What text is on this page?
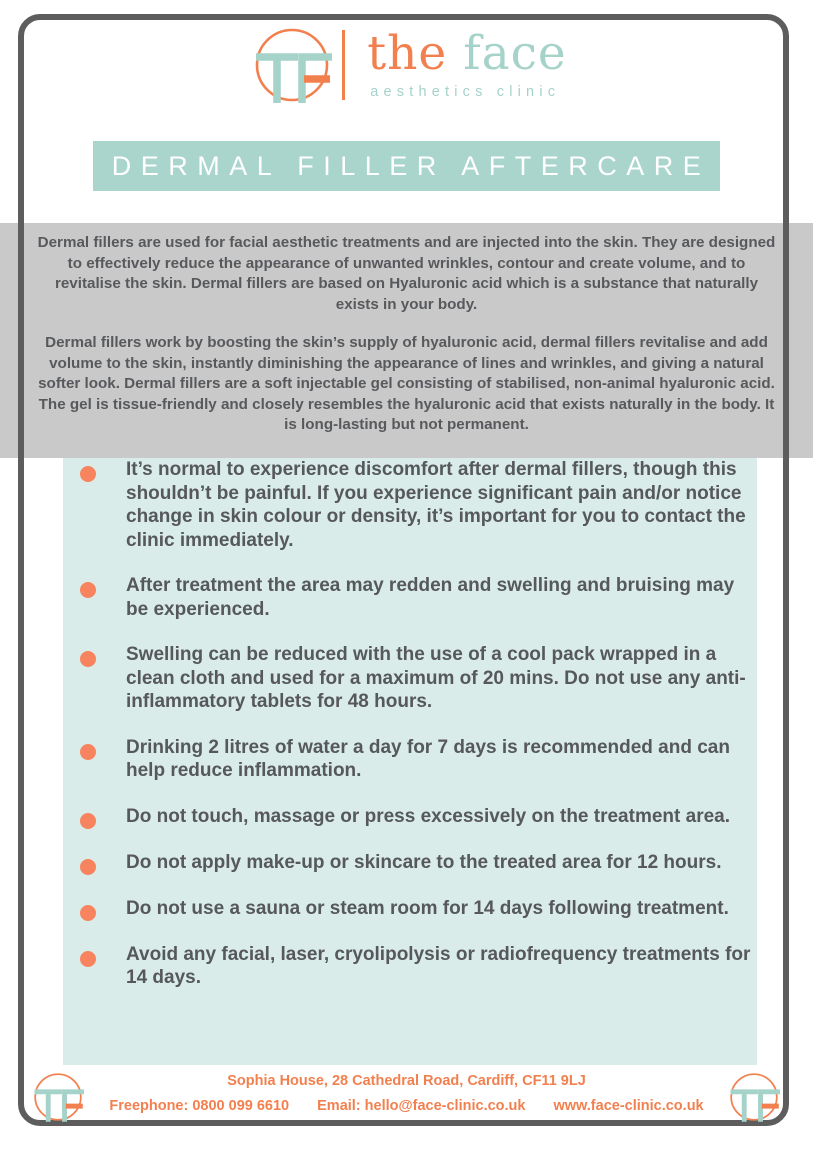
the face
aesthetics clinic
DERMAL FILLER AFTERCARE

Dermal fillers are used for facial aesthetic treatments and are injected into the skin. They are designed to effectively reduce the appearance of unwanted wrinkles, contour and create volume, and to revitalise the skin. Dermal fillers are based on Hyaluronic acid which is a substance that naturally exists in your body.

Dermal fillers work by boosting the skin’s supply of hyaluronic acid, dermal fillers revitalise and add volume to the skin, instantly diminishing the appearance of lines and wrinkles, and giving a natural softer look. Dermal fillers are a soft injectable gel consisting of stabilised, non-animal hyaluronic acid. The gel is tissue-friendly and closely resembles the hyaluronic acid that exists naturally in the body. It is long-lasting but not permanent.

It’s normal to experience discomfort after dermal fillers, though this shouldn’t be painful. If you experience significant pain and/or notice change in skin colour or density, it’s important for you to contact the clinic immediately.
After treatment the area may redden and swelling and bruising may be experienced.
Swelling can be reduced with the use of a cool pack wrapped in a clean cloth and used for a maximum of 20 mins. Do not use any anti-inflammatory tablets for 48 hours.
Drinking 2 litres of water a day for 7 days is recommended and can help reduce inflammation.
Do not touch, massage or press excessively on the treatment area.
Do not apply make-up or skincare to the treated area for 12 hours.
Do not use a sauna or steam room for 14 days following treatment.
Avoid any facial, laser, cryolipolysis or radiofrequency treatments for 14 days.
Sophia House, 28 Cathedral Road, Cardiff, CF11 9LJ
Freephone: 0800 099 6610 Email: hello@face-clinic.co.uk www.face-clinic.co.uk
